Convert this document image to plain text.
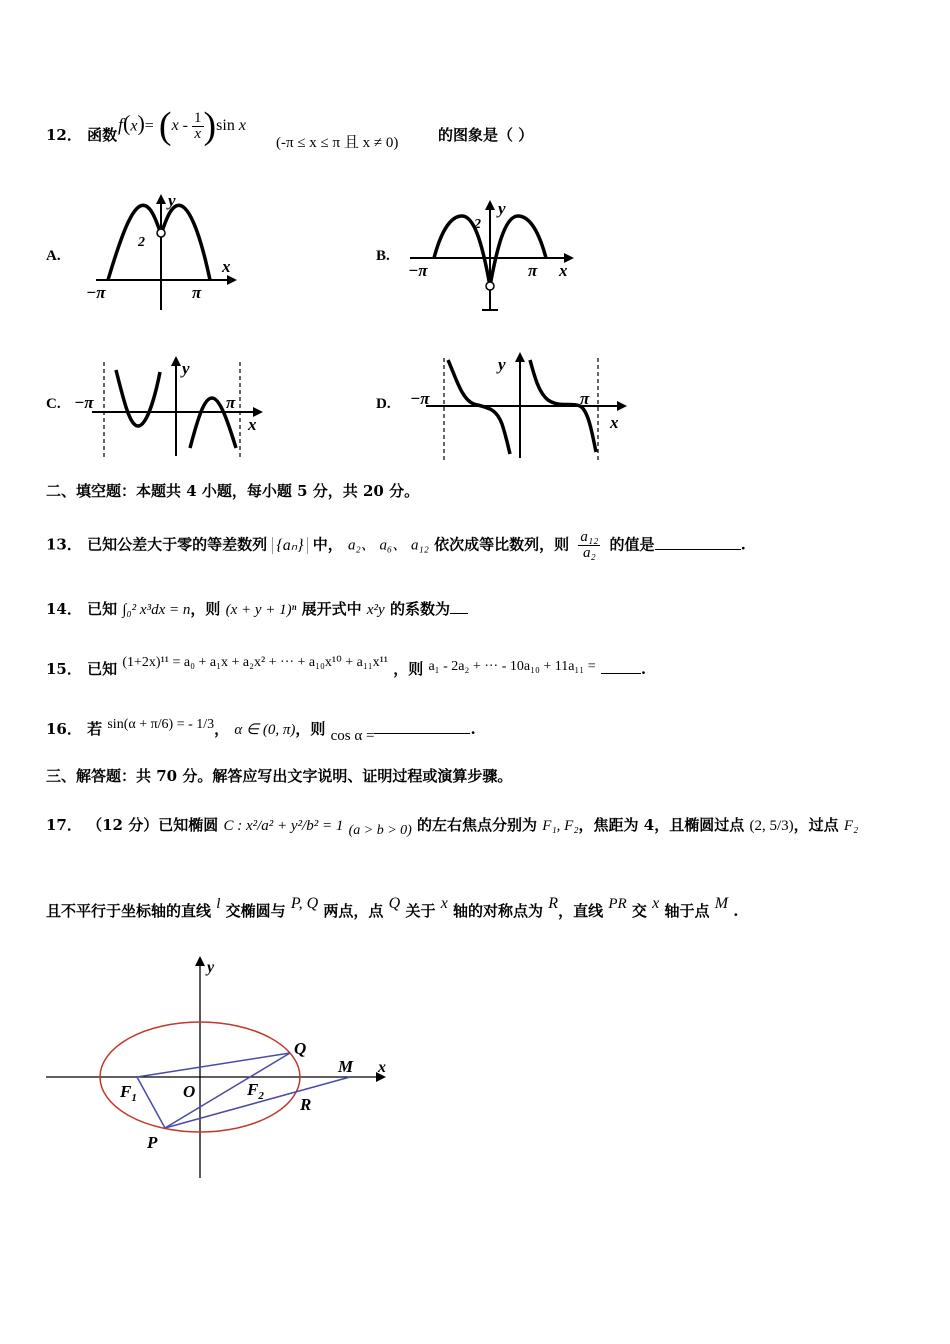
12． 函数
$f(x)= (x - \frac{1}{x} )\sin$ x
(-π ≤ x ≤ π 且 x ≠ 0)	的图象是（ ）
A.
2
y
x
−π	π
B.
2
y
x
−π	π
C.
y
x
−π	π	D.
y
x
−π	π
二、填空题：本题共 4 小题，每小题 5 分，共 20 分。
13． 已知公差大于零的等差数列 {aₙ} 中， a₂、 a₆、 a₁₂ 依次成等比数列，则 $\frac{\text{a₁₂}}{\text{a₂}}$ 的值是	.
14． 已知 ∫₀² x³dx = n，则 (x + y + 1)ⁿ 展开式中 x²y 的系数为
15． 已知 (1+2x)¹¹ = a₀ + a₁x + a₂x² + ··· + a₁₀x¹⁰ + a₁₁x¹¹ ，则 a₁ - 2a₂ + ··· - 10a₁₀ + 11a₁₁ =	.
16． 若 sin(α + π/6) = - 1/3， α ∈ (0, π)，则 cos α =	.
三、解答题：共 70 分。解答应写出文字说明、证明过程或演算步骤。
17． （12 分）已知椭圆 C : x²/a² + y²/b² = 1 (a > b > 0) 的左右焦点分别为 F₁, F₂，焦距为 4，且椭圆过点 (2, 5/3)，过点 F₂
且不平行于坐标轴的直线 l 交椭圆与 P, Q 两点，点 Q 关于 x 轴的对称点为 R，直线 PR 交 x 轴于点 M .
Q
M x
y
$F_1$	O	$F_2$ R
P
